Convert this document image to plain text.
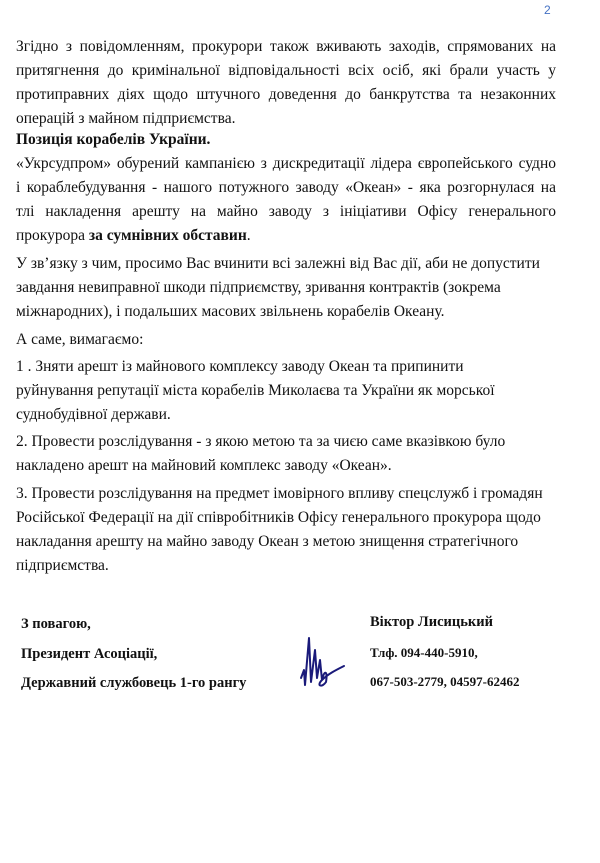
2
Згідно з повідомленням, прокурори також вживають заходів, спрямованих на
притягнення до кримінальної відповідальності всіх осіб, які брали участь у
протиправних діях щодо штучного доведення до банкрутства та незаконних
операцій з майном підприємства.
Позиція корабелів України.
«Укрсудпром» обурений кампанією з дискредитації лідера європейського судно
і кораблебудування - нашого потужного заводу «Океан» - яка розгорнулася на
тлі накладення арешту на майно заводу з ініціативи Офісу генерального
прокурора за сумнівних обставин.
У зв’язку з чим, просимо Вас вчинити всі залежні від Вас дії, аби не допустити
завдання невиправної шкоди підприємству, зривання контрактів (зокрема
міжнародних), і подальших масових звільнень корабелів Океану.
А саме, вимагаємо:
1 . Зняти арешт із майнового комплексу заводу Океан та припинити
руйнування репутації міста корабелів Миколаєва та України як морської
суднобудівної держави.
2. Провести розслідування - з якою метою та за чиєю саме вказівкою було
накладено арешт на майновий комплекс заводу «Океан».
3. Провести розслідування на предмет імовірного впливу спецслужб і громадян
Російської Федерації на дії співробітників Офісу генерального прокурора щодо
накладання арешту на майно заводу Океан з метою знищення стратегічного
підприємства.
З повагою,
Президент Асоціації,
Державний службовець 1-го рангу
Віктор Лисицький
Тлф. 094-440-5910,
067-503-2779, 04597-62462
